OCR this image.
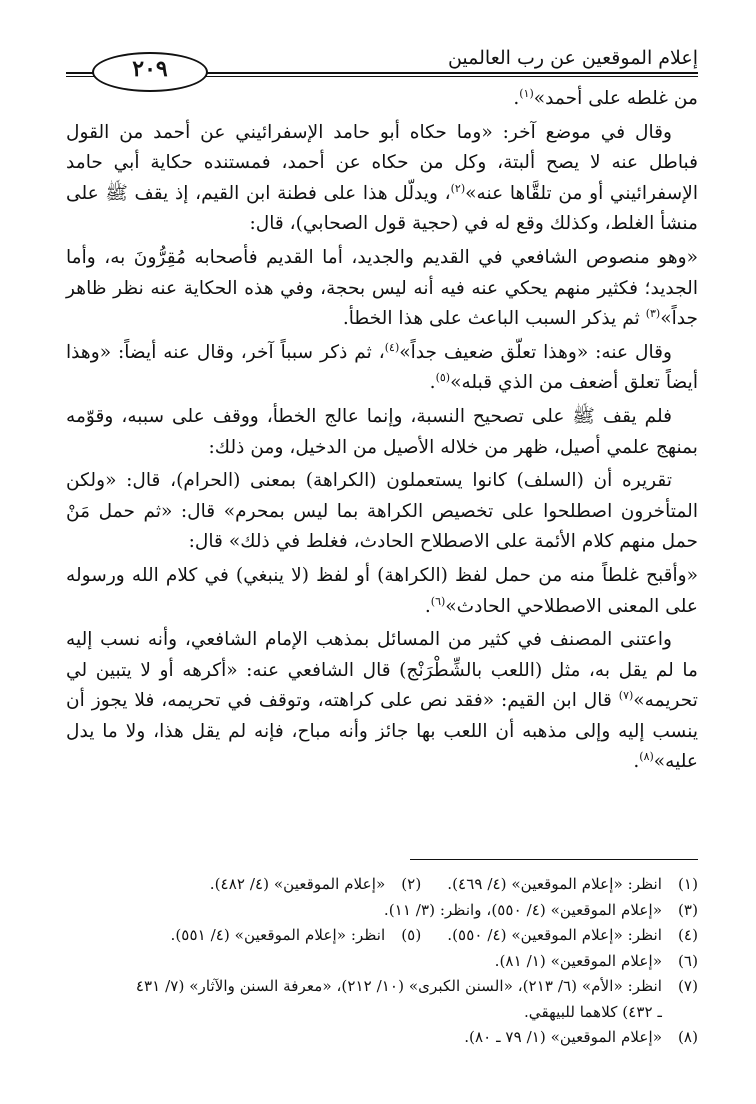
٢٠٩	إعلام الموقعين عن رب العالمين

من غلطه على أحمد»$^{(١)}$.

وقال في موضع آخر: «وما حكاه أبو حامد الإسفرائيني عن أحمد من القول فباطل عنه لا يصح ألبتة، وكل من حكاه عن أحمد، فمستنده حكاية أبي حامد الإسفرائيني أو من تلقَّاها عنه»$^{(٢)}$، ويدلّل هذا على فطنة ابن القيم، إذ يقف ﷺ على منشأ الغلط، وكذلك وقع له في (حجية قول الصحابي)، قال:

«وهو منصوص الشافعي في القديم والجديد، أما القديم فأصحابه مُقِرُّونَ به، وأما الجديد؛ فكثير منهم يحكي عنه فيه أنه ليس بحجة، وفي هذه الحكاية عنه نظر ظاهر جداً»$^{(٣)}$ ثم يذكر السبب الباعث على هذا الخطأ.

وقال عنه: «وهذا تعلّق ضعيف جداً»$^{(٤)}$، ثم ذكر سبباً آخر، وقال عنه أيضاً: «وهذا أيضاً تعلق أضعف من الذي قبله»$^{(٥)}$.

فلم يقف ﷺ على تصحيح النسبة، وإنما عالج الخطأ، ووقف على سببه، وقوّمه بمنهج علمي أصيل، ظهر من خلاله الأصيل من الدخيل، ومن ذلك:

تقريره أن (السلف) كانوا يستعملون (الكراهة) بمعنى (الحرام)، قال: «ولكن المتأخرون اصطلحوا على تخصيص الكراهة بما ليس بمحرم» قال: «ثم حمل مَنْ حمل منهم كلام الأئمة على الاصطلاح الحادث، فغلط في ذلك» قال:

«وأقبح غلطاً منه من حمل لفظ (الكراهة) أو لفظ (لا ينبغي) في كلام الله ورسوله على المعنى الاصطلاحي الحادث»$^{(٦)}$.

واعتنى المصنف في كثير من المسائل بمذهب الإمام الشافعي، وأنه نسب إليه ما لم يقل به، مثل (اللعب بالشِّطْرَنْج) قال الشافعي عنه: «أكرهه أو لا يتبين لي تحريمه»$^{(٧)}$ قال ابن القيم: «فقد نص على كراهته، وتوقف في تحريمه، فلا يجوز أن ينسب إليه وإلى مذهبه أن اللعب بها جائز وأنه مباح، فإنه لم يقل هذا، ولا ما يدل عليه»$^{(٨)}$.

(١)
انظر: «إعلام الموقعين» (٤/ ٤٦٩).
(٢)
«إعلام الموقعين» (٤/ ٤٨٢).
(٣)
«إعلام الموقعين» (٤/ ٥٥٠)، وانظر: (٣/ ١١).
(٤)
انظر: «إعلام الموقعين» (٤/ ٥٥٠).
(٥)
انظر: «إعلام الموقعين» (٤/ ٥٥١).
(٦)
«إعلام الموقعين» (١/ ٨١).
(٧)
انظر: «الأم» (٦/ ٢١٣)، «السنن الكبرى» (١٠/ ٢١٢)، «معرفة السنن والآثار» (٧/ ٤٣١
ـ ٤٣٢) كلاهما للبيهقي.
(٨)
«إعلام الموقعين» (١/ ٧٩ ـ ٨٠).
